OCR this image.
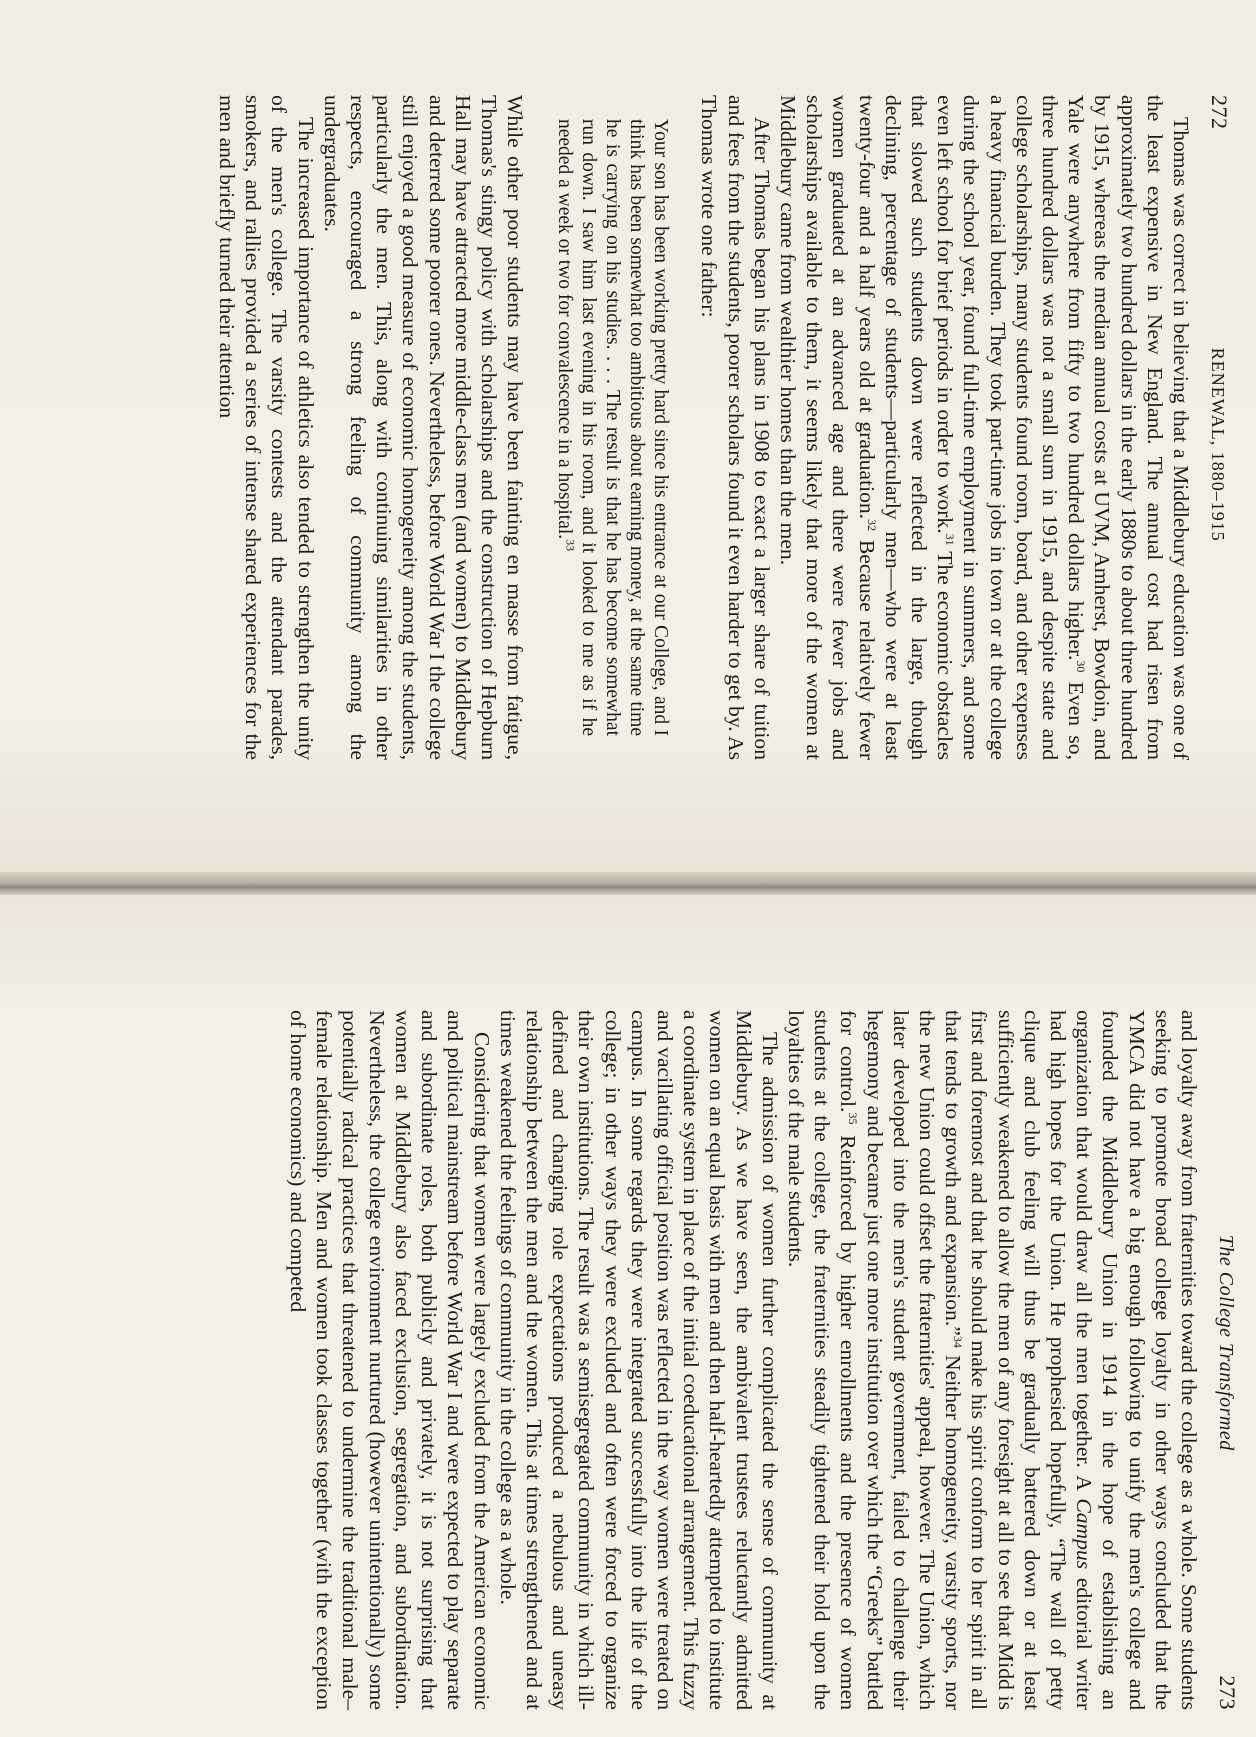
272
RENEWAL, 1880–1915

Thomas was correct in believing that a Middlebury education was one of the least expensive in New England. The annual cost had risen from approximately two hundred dollars in the early 1880s to about three hundred by 1915, whereas the median annual costs at UVM, Amherst, Bowdoin, and Yale were anywhere from fifty to two hundred dollars higher.$^{30}$ Even so, three hundred dollars was not a small sum in 1915, and despite state and college scholarships, many students found room, board, and other expenses a heavy financial burden. They took part-time jobs in town or at the college during the school year, found full-time employment in summers, and some even left school for brief periods in order to work.$^{31}$ The economic obstacles that slowed such students down were reflected in the large, though declining, percentage of students—particularly men—who were at least twenty-four and a half years old at graduation.$^{32}$ Because relatively fewer women graduated at an advanced age and there were fewer jobs and scholarships available to them, it seems likely that more of the women at Middlebury came from wealthier homes than the men.

After Thomas began his plans in 1908 to exact a larger share of tuition and fees from the students, poorer scholars found it even harder to get by. As Thomas wrote one father:

Your son has been working pretty hard since his entrance at our College, and I think has been somewhat too ambitious about earning money, at the same time he is carrying on his studies. . . . The result is that he has become somewhat run down. I saw him last evening in his room, and it looked to me as if he needed a week or two for convalescence in a hospital.$^{33}$

While other poor students may have been fainting en masse from fatigue, Thomas's stingy policy with scholarships and the construction of Hepburn Hall may have attracted more middle-class men (and women) to Middlebury and deterred some poorer ones. Nevertheless, before World War I the college still enjoyed a good measure of economic homogeneity among the students, particularly the men. This, along with continuing similarities in other respects, encouraged a strong feeling of community among the undergraduates.

The increased importance of athletics also tended to strengthen the unity of the men's college. The varsity contests and the attendant parades, smokers, and rallies provided a series of intense shared experiences for the men and briefly turned their attention

The College Transformed
273

and loyalty away from fraternities toward the college as a whole. Some students seeking to promote broad college loyalty in other ways concluded that the YMCA did not have a big enough following to unify the men's college and founded the Middlebury Union in 1914 in the hope of establishing an organization that would draw all the men together. A Campus editorial writer had high hopes for the Union. He prophesied hopefully, “The wall of petty clique and club feeling will thus be gradually battered down or at least sufficiently weakened to allow the men of any foresight at all to see that Midd is first and foremost and that he should make his spirit conform to her spirit in all that tends to growth and expansion.”$^{34}$ Neither homogeneity, varsity sports, nor the new Union could offset the fraternities' appeal, however. The Union, which later developed into the men's student government, failed to challenge their hegemony and became just one more institution over which the “Greeks” battled for control.$^{35}$ Reinforced by higher enrollments and the presence of women students at the college, the fraternities steadily tightened their hold upon the loyalties of the male students.

The admission of women further complicated the sense of community at Middlebury. As we have seen, the ambivalent trustees reluctantly admitted women on an equal basis with men and then half-heartedly attempted to institute a coordinate system in place of the initial coeducational arrangement. This fuzzy and vacillating official position was reflected in the way women were treated on campus. In some regards they were integrated successfully into the life of the college; in other ways they were excluded and often were forced to organize their own institutions. The result was a semisegregated community in which ill-defined and changing role expectations produced a nebulous and uneasy relationship between the men and the women. This at times strengthened and at times weakened the feelings of community in the college as a whole.

Considering that women were largely excluded from the American economic and political mainstream before World War I and were expected to play separate and subordinate roles, both publicly and privately, it is not surprising that women at Middlebury also faced exclusion, segregation, and subordination. Nevertheless, the college environment nurtured (however unintentionally) some potentially radical practices that threatened to undermine the traditional male–female relationship. Men and women took classes together (with the exception of home economics) and competed
